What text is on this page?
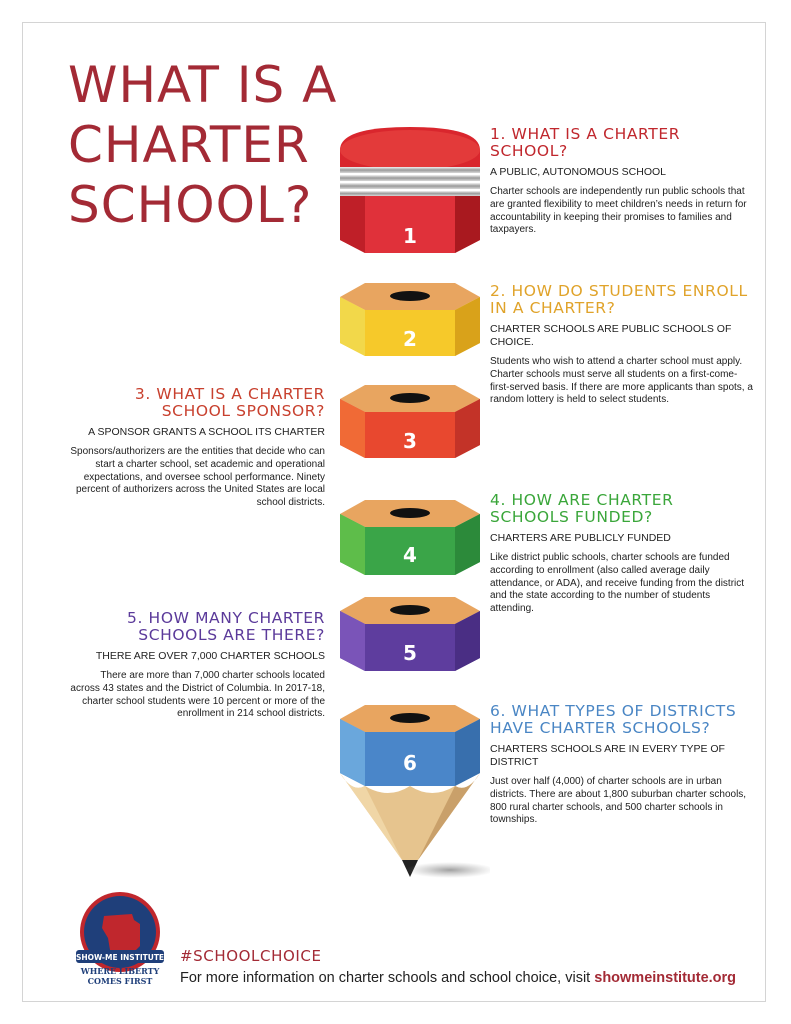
WHAT IS A
CHARTER
SCHOOL?
1
2
3
4
5
6
1. WHAT IS A CHARTER SCHOOL?

A PUBLIC, AUTONOMOUS SCHOOL

Charter schools are independently run public schools that are granted flexibility to meet children’s needs in return for accountability in keeping their promises to families and taxpayers.

2. HOW DO STUDENTS ENROLL IN A CHARTER?

CHARTER SCHOOLS ARE PUBLIC SCHOOLS OF CHOICE.

Students who wish to attend a charter school must apply. Charter schools must serve all students on a first-come-first-served basis. If there are more applicants than spots, a random lottery is held to select students.

3. WHAT IS A CHARTER SCHOOL SPONSOR?

A SPONSOR GRANTS A SCHOOL ITS CHARTER

Sponsors/authorizers are the entities that decide who can start a charter school, set academic and operational expectations, and oversee school performance. Ninety percent of authorizers across the United States are local school districts.	4. HOW ARE CHARTER SCHOOLS FUNDED?

CHARTERS ARE PUBLICLY FUNDED

Like district public schools, charter schools are funded according to enrollment (also called average daily attendance, or ADA), and receive funding from the district and the state according to the number of students attending.

5. HOW MANY CHARTER SCHOOLS ARE THERE?

THERE ARE OVER 7,000 CHARTER SCHOOLS

There are more than 7,000 charter schools located across 43 states and the District of Columbia. In 2017-18, charter school students were 10 percent or more of the enrollment in 214 school districts.	6. WHAT TYPES OF DISTRICTS HAVE CHARTER SCHOOLS?

CHARTERS SCHOOLS ARE IN EVERY TYPE OF DISTRICT

Just over half (4,000) of charter schools are in urban districts. There are about 1,800 suburban charter schools, 800 rural charter schools, and 500 charter schools in townships.

SHOW-ME INSTITUTE
WHERE LIBERTY
COMES FIRST

#SCHOOLCHOICE

For more information on charter schools and school choice, visit showmeinstitute.org
